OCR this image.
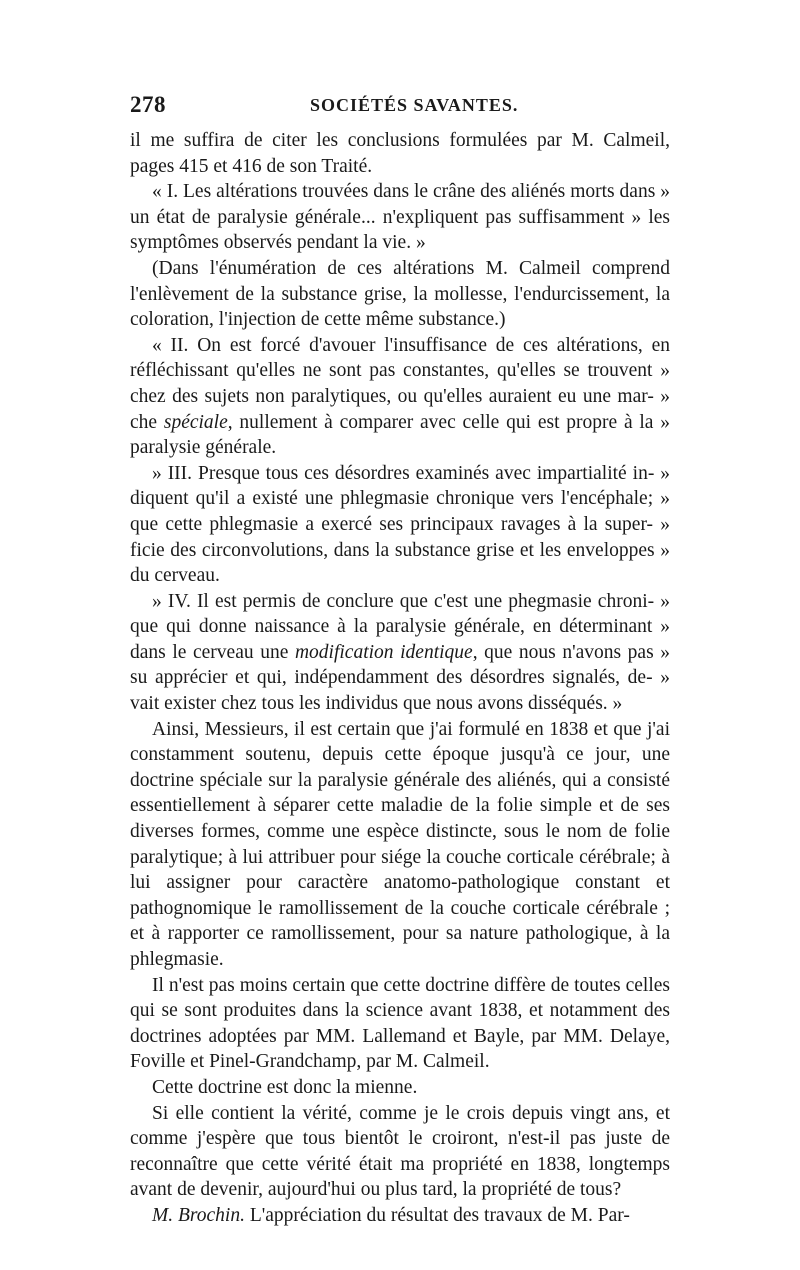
278	SOCIÉTÉS SAVANTES.

il me suffira de citer les conclusions formulées par M. Calmeil, pages 415 et 416 de son Traité.

« I. Les altérations trouvées dans le crâne des aliénés morts dans » un état de paralysie générale... n'expliquent pas suffisamment » les symptômes observés pendant la vie. »

(Dans l'énumération de ces altérations M. Calmeil comprend l'enlèvement de la substance grise, la mollesse, l'endurcissement, la coloration, l'injection de cette même substance.)

« II. On est forcé d'avouer l'insuffisance de ces altérations, en réfléchissant qu'elles ne sont pas constantes, qu'elles se trouvent » chez des sujets non paralytiques, ou qu'elles auraient eu une mar- » che spéciale, nullement à comparer avec celle qui est propre à la » paralysie générale.

» III. Presque tous ces désordres examinés avec impartialité in- » diquent qu'il a existé une phlegmasie chronique vers l'encéphale; » que cette phlegmasie a exercé ses principaux ravages à la super- » ficie des circonvolutions, dans la substance grise et les enveloppes » du cerveau.

» IV. Il est permis de conclure que c'est une phegmasie chroni- » que qui donne naissance à la paralysie générale, en déterminant » dans le cerveau une modification identique, que nous n'avons pas » su apprécier et qui, indépendamment des désordres signalés, de- » vait exister chez tous les individus que nous avons disséqués. »

Ainsi, Messieurs, il est certain que j'ai formulé en 1838 et que j'ai constamment soutenu, depuis cette époque jusqu'à ce jour, une doctrine spéciale sur la paralysie générale des aliénés, qui a consisté essentiellement à séparer cette maladie de la folie simple et de ses diverses formes, comme une espèce distincte, sous le nom de folie paralytique; à lui attribuer pour siége la couche corticale cérébrale; à lui assigner pour caractère anatomo-pathologique constant et pathognomique le ramollissement de la couche corticale cérébrale ; et à rapporter ce ramollissement, pour sa nature pathologique, à la phlegmasie.

Il n'est pas moins certain que cette doctrine diffère de toutes celles qui se sont produites dans la science avant 1838, et notamment des doctrines adoptées par MM. Lallemand et Bayle, par MM. Delaye, Foville et Pinel-Grandchamp, par M. Calmeil.

Cette doctrine est donc la mienne.

Si elle contient la vérité, comme je le crois depuis vingt ans, et comme j'espère que tous bientôt le croiront, n'est-il pas juste de reconnaître que cette vérité était ma propriété en 1838, longtemps avant de devenir, aujourd'hui ou plus tard, la propriété de tous?

M. Brochin. L'appréciation du résultat des travaux de M. Par-
